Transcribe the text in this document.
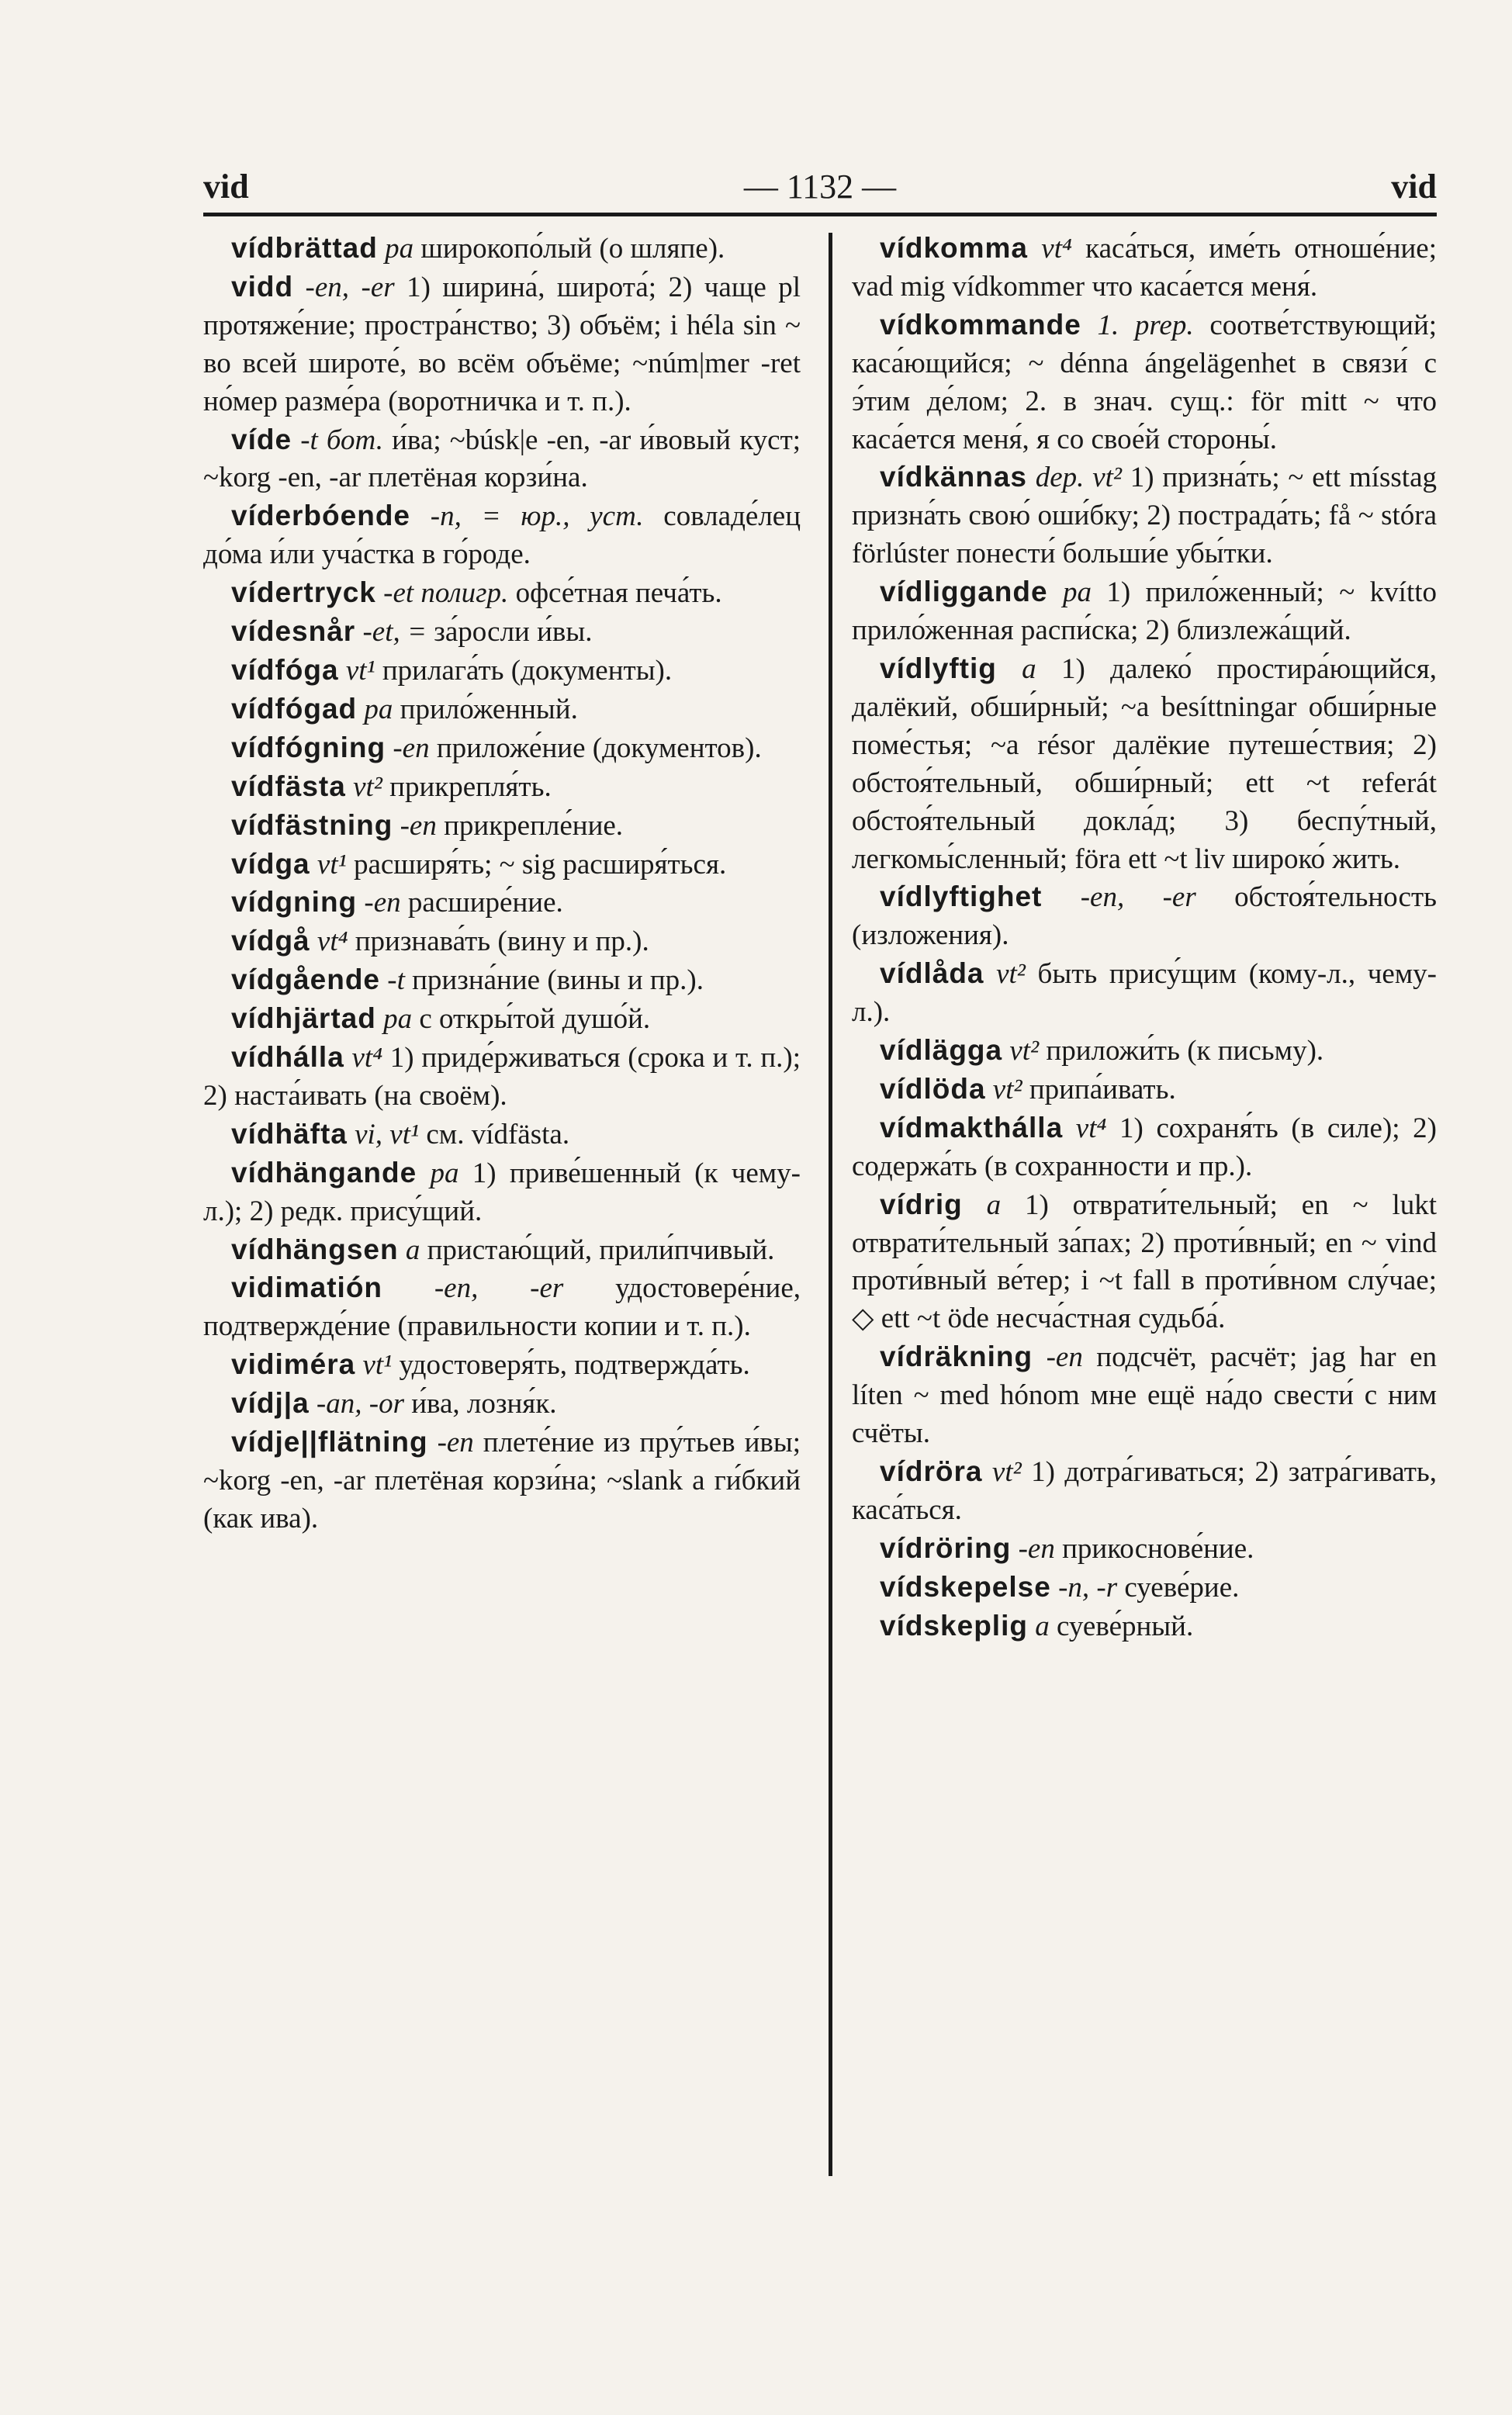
vid	— 1132 —	vid

vídbrättad pa широкопо́лый (о шляпе).

vidd -en, -er 1) ширина́, широта́; 2) чаще pl протяже́ние; простра́нство; 3) объём; i héla sin ~ во всей широте́, во всём объёме; ~núm|mer -ret но́мер разме́ра (воротничка и т. п.).

víde -t бот. и́ва; ~búsk|e -en, -ar и́вовый куст; ~korg -en, -ar плетёная корзи́на.

víderbóende -n, = юр., уст. совладе́лец до́ма и́ли уча́стка в го́роде.

vídertryck -et полигр. офсе́тная печа́ть.

vídesnår -et, = за́росли и́вы.

vídfóga vt¹ прилага́ть (документы).

vídfógad pa прило́женный.

vídfógning -en приложе́ние (документов).

vídfästa vt² прикрепля́ть.

vídfästning -en прикрепле́ние.

vídga vt¹ расширя́ть; ~ sig расширя́ться.

vídgning -en расшире́ние.

vídgå vt⁴ признава́ть (вину и пр.).

vídgående -t призна́ние (вины и пр.).

vídhjärtad pa с откры́той душо́й.

vídhálla vt⁴ 1) приде́рживаться (срока и т. п.); 2) наста́ивать (на своём).

vídhäfta vi, vt¹ см. vídfästa.

vídhängande pa 1) приве́шенный (к чему-л.); 2) редк. прису́щий.

vídhängsen a пристаю́щий, прили́пчивый.

vidimatión -en, -er удостовере́ние, подтвержде́ние (правильности копии и т. п.).

vidiméra vt¹ удостоверя́ть, подтвержда́ть.

vídj|a -an, -or и́ва, лозня́к.

vídje||flätning -en плете́ние из пру́тьев и́вы; ~korg -en, -ar плетёная корзи́на; ~slank a ги́бкий (как ива).

vídkomma vt⁴ каса́ться, име́ть отноше́ние; vad mig vídkommer что каса́ется меня́.

vídkommande 1. prep. соотве́тствующий; каса́ющийся; ~ dénna ángelägenhet в связи́ с э́тим де́лом; 2. в знач. сущ.: för mitt ~ что каса́ется меня́, я со свое́й стороны́.

vídkännas dep. vt² 1) призна́ть; ~ ett mísstag призна́ть свою́ оши́бку; 2) пострада́ть; få ~ stóra förlúster понести́ больши́е убы́тки.

vídliggande pa 1) прило́женный; ~ kvítto прило́женная распи́ска; 2) близлежа́щий.

vídlyftig a 1) далеко́ простира́ющийся, далёкий, обши́рный; ~a besíttningar обши́рные поме́стья; ~a résor далёкие путеше́ствия; 2) обстоя́тельный, обши́рный; ett ~t referát обстоя́тельный докла́д; 3) беспу́тный, легкомы́сленный; föra ett ~t liv широко́ жить.

vídlyftighet -en, -er обстоя́тельность (изложения).

vídlåda vt² быть прису́щим (кому-л., чему-л.).

vídlägga vt² приложи́ть (к письму).

vídlöda vt² припа́ивать.

vídmakthálla vt⁴ 1) сохраня́ть (в силе); 2) содержа́ть (в сохранности и пр.).

vídrig a 1) отврати́тельный; en ~ lukt отврати́тельный за́пах; 2) проти́вный; en ~ vind проти́вный ве́тер; i ~t fall в проти́вном слу́чае; ◇ ett ~t öde несча́стная судьба́.

vídräkning -en подсчёт, расчёт; jag har en líten ~ med hónom мне ещё на́до свести́ с ним счёты.

vídröra vt² 1) дотра́гиваться; 2) затра́гивать, каса́ться.

vídröring -en прикоснове́ние.

vídskepelse -n, -r суеве́рие.

vídskeplig a суеве́рный.
